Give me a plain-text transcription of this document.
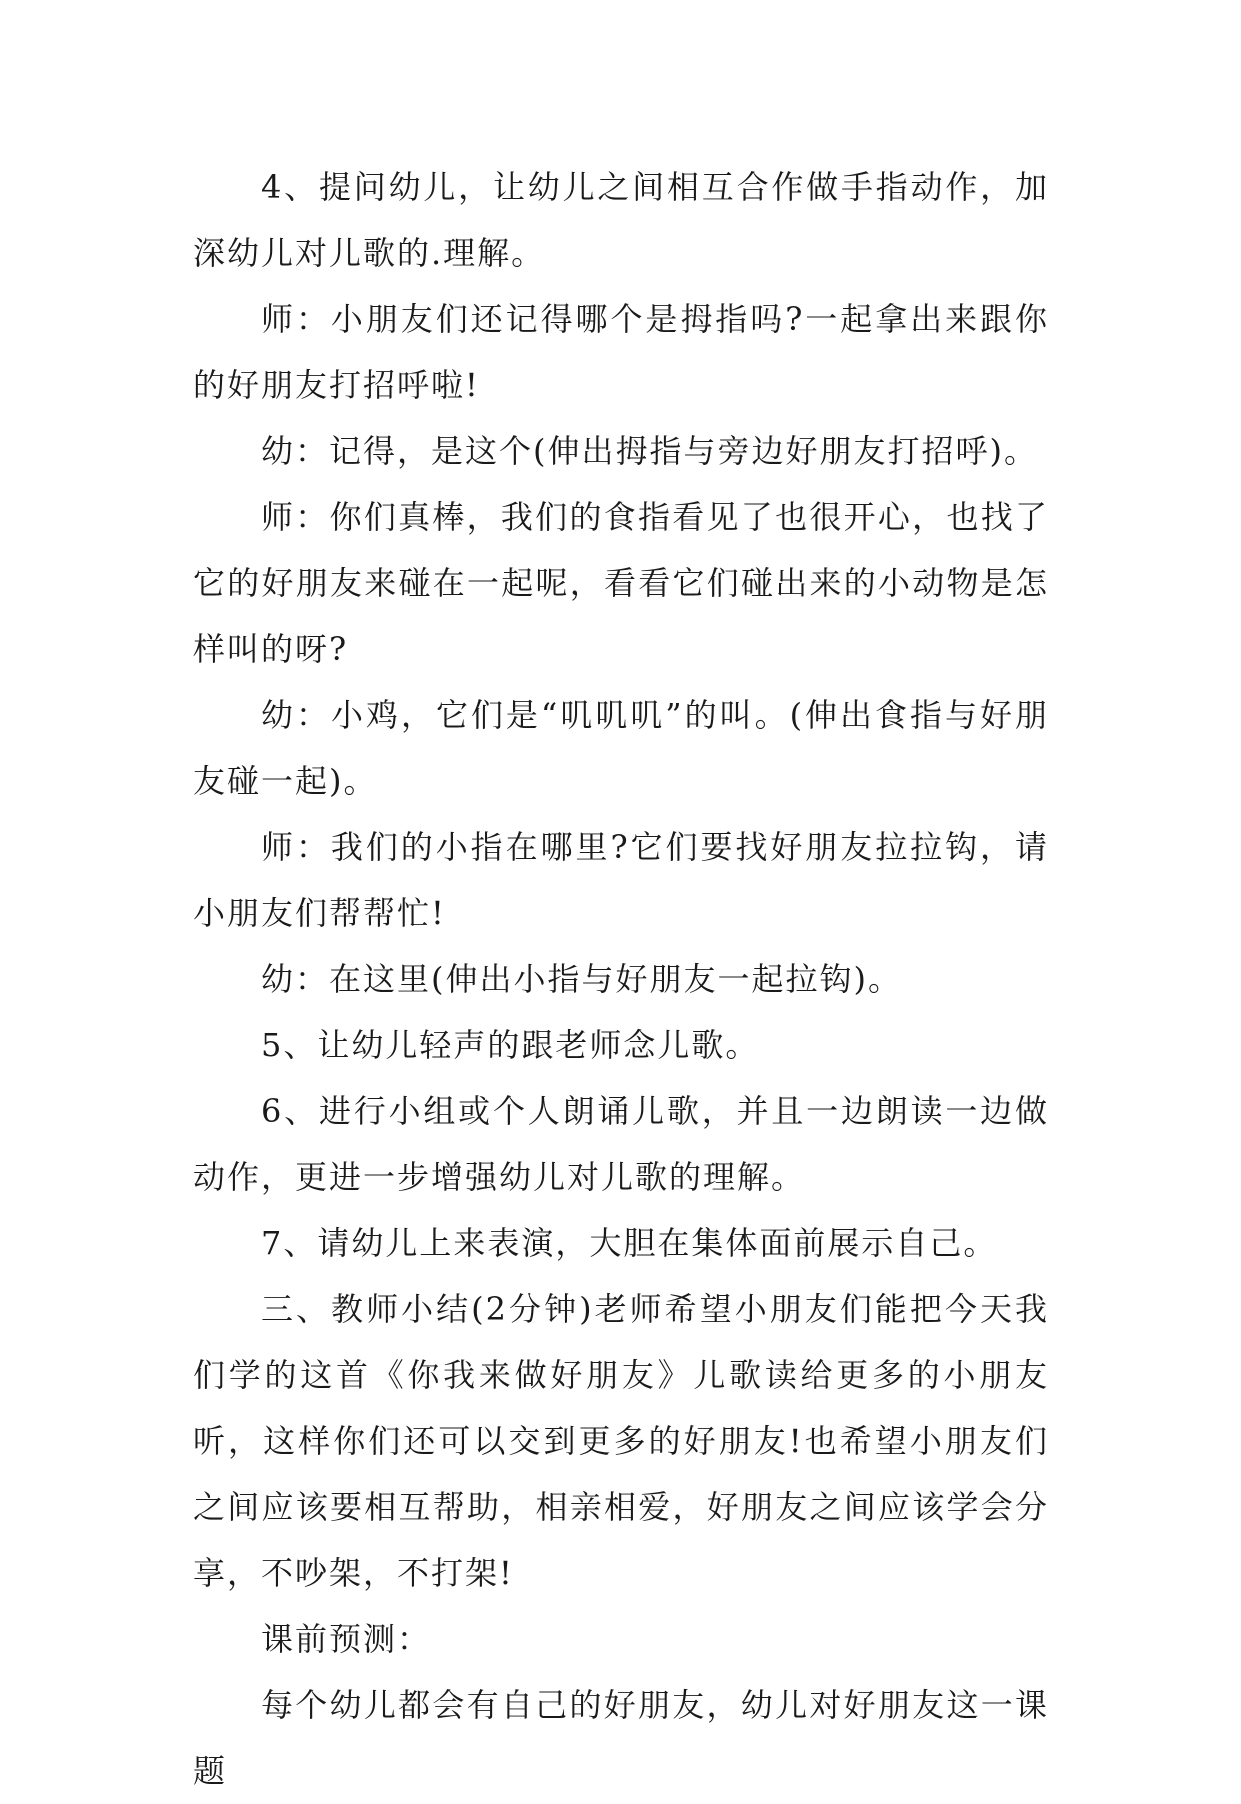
4、提问幼儿，让幼儿之间相互合作做手指动作，加深幼儿对儿歌的.理解。

师：小朋友们还记得哪个是拇指吗?一起拿出来跟你的好朋友打招呼啦!

幼：记得，是这个(伸出拇指与旁边好朋友打招呼)。

师：你们真棒，我们的食指看见了也很开心，也找了它的好朋友来碰在一起呢，看看它们碰出来的小动物是怎样叫的呀?

幼：小鸡，它们是“叽叽叽”的叫。(伸出食指与好朋友碰一起)。

师：我们的小指在哪里?它们要找好朋友拉拉钩，请小朋友们帮帮忙!

幼：在这里(伸出小指与好朋友一起拉钩)。

5、让幼儿轻声的跟老师念儿歌。

6、进行小组或个人朗诵儿歌，并且一边朗读一边做动作，更进一步增强幼儿对儿歌的理解。

7、请幼儿上来表演，大胆在集体面前展示自己。

三、教师小结(2分钟)老师希望小朋友们能把今天我们学的这首《你我来做好朋友》儿歌读给更多的小朋友听，这样你们还可以交到更多的好朋友!也希望小朋友们之间应该要相互帮助，相亲相爱，好朋友之间应该学会分享，不吵架，不打架!

课前预测：

每个幼儿都会有自己的好朋友，幼儿对好朋友这一课题
